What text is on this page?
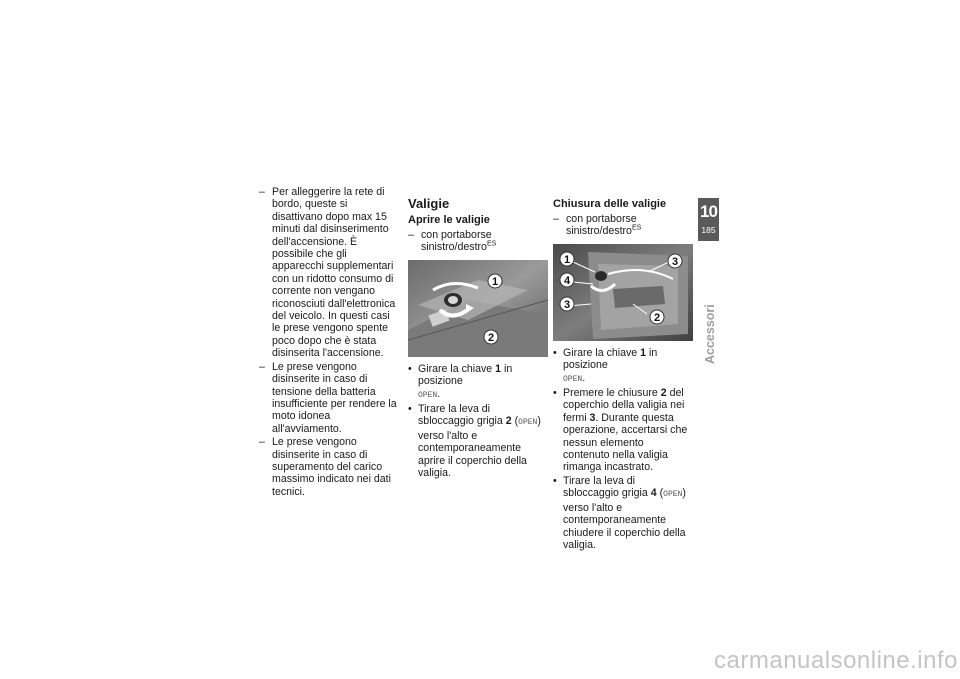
– Per alleggerire la rete di bordo, queste si disattivano dopo max 15 minuti dal disinserimento dell'accensione. È possibile che gli apparecchi supplementari con un ridotto consumo di corrente non vengano riconosciuti dall'elettronica del veicolo. In questi casi le prese vengono spente poco dopo che è stata disinserita l'accensione.
– Le prese vengono disinserite in caso di tensione della batteria insufficiente per rendere la moto idonea all'avviamento.
– Le prese vengono disinserite in caso di superamento del carico massimo indicato nei dati tecnici.
Valigie
Aprire le valigie
– con portaborse sinistro/destro$^{ES}$
1
2
• Girare la chiave 1 in posizione
OPEN.
• Tirare la leva di sbloccaggio grigia 2 (OPEN) verso l'alto e contemporaneamente aprire il coperchio della valigia.
Chiusura delle valigie
– con portaborse sinistro/destro$^{ES}$
1
4
3
3
2
• Girare la chiave 1 in posizione
OPEN.
• Premere le chiusure 2 del coperchio della valigia nei fermi 3. Durante questa operazione, accertarsi che nessun elemento contenuto nella valigia rimanga incastrato.
• Tirare la leva di sbloccaggio grigia 4 (OPEN) verso l'alto e contemporaneamente chiudere il coperchio della valigia.
10
185
Accessori
carmanualsonline.info
